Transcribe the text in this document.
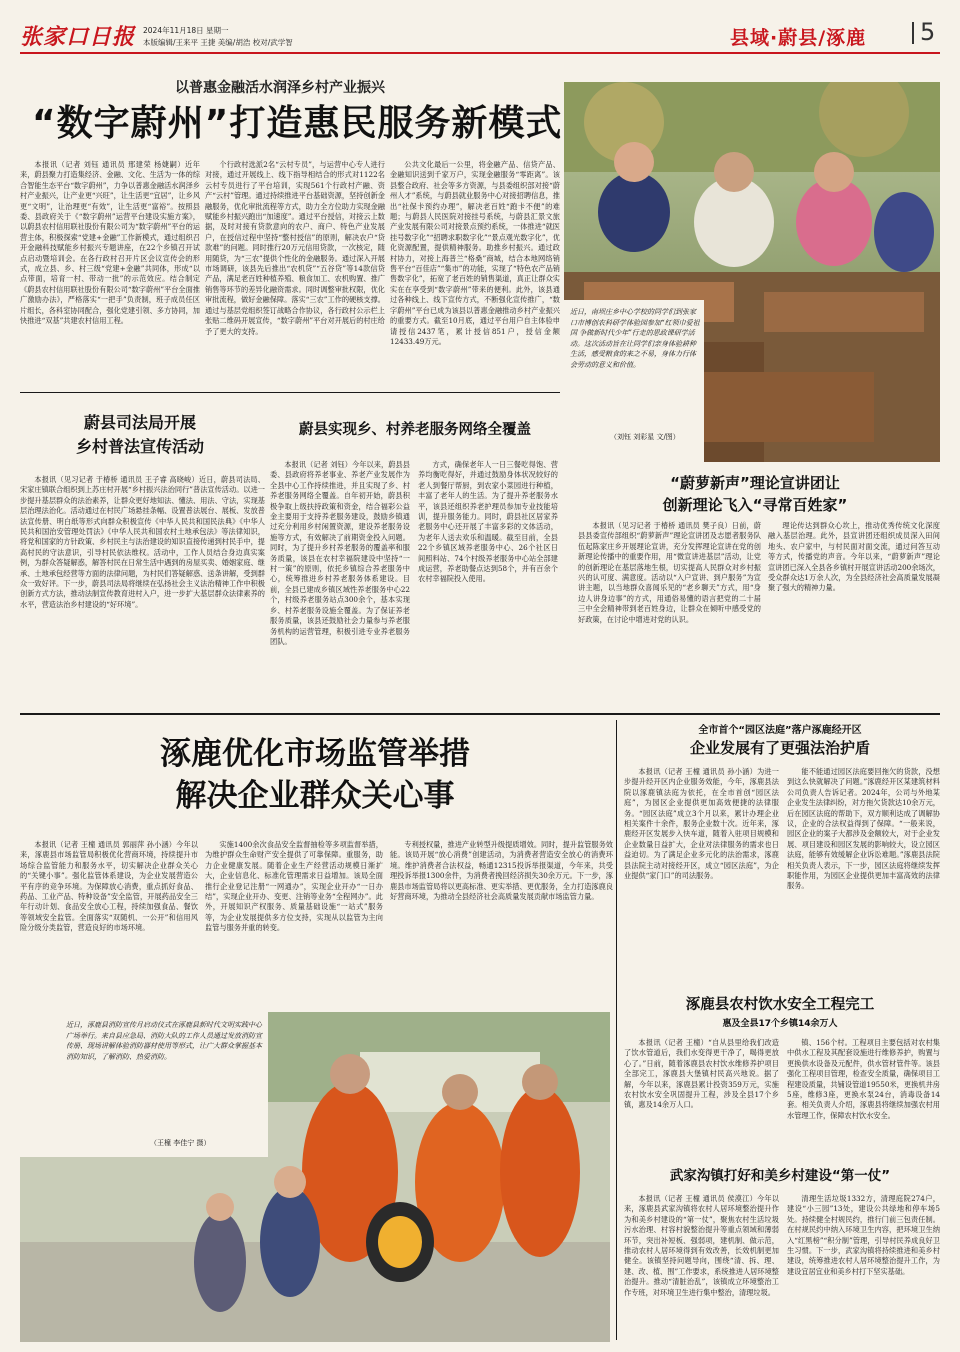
张家口日报 2024年11月18日 星期一
本版编辑/王来平 王捷 美编/胡浩 校对/武学智	县域·蔚县/涿鹿 5
以普惠金融活水润泽乡村产业振兴
“数字蔚州”打造惠民服务新模式

本报讯（记者 刘钰 通讯员 邢建荣 杨婕嗣）近年来，蔚县聚力打造集经济、金融、文化、生活为一体的综合智能生态平台“数字蔚州”，力争以普惠金融活水润泽乡村产业振兴，让产业更“兴旺”，让生活更“宜居”，让乡风更“文明”，让治理更“有效”，让生活更“富裕”。按照县委、县政府关于《“数字蔚州”运营平台建设实施方案》，以蔚县农村信用联社股份有限公司为“数字蔚州”平台的运营主体，积极探索“党建+金融”工作新模式，通过组织召开金融科技赋能乡村振兴专题讲座，在22个乡镇召开试点启动暨培训会。在各行政村召开片区会议宣传会的形式，成立县、乡、村三级“党建+金融”共同体，形成“以点带面，培育一村、带动一批”的示范效应。结合制定《蔚县农村信用联社股份有限公司“数字蔚州”平台全面推广激励办法》，严格落实“一把手”负责制，班子成员任区片组长，各科室协同配合，强化党建引领、多方协同，加快推进“双基”共建农村信用工程。

个行政村选派2名“云村专员”，与运营中心专人进行对接，通过开展线上、线下指导相结合的形式对1122名云村专员进行了平台培训，实现561个行政村产融、资产“云村”管理。通过持续推进平台基础资源，坚持创新金融服务，优化审批流程等方式，助力全方位助力实现金融赋能乡村振兴跑出“加速度”。通过平台授信，对接云上数据，及时对接有贷款意向的农户、商户、特色产业发展户，在授信过程中坚持“整村授信”的原则，解决农户“贷款难”的问题。同时推行20万元信用贷款，一次核定，随用随贷，为“三农”提供个性化的金融服务。通过深入开展市场调研，该县先后推出“农机贷”“五谷贷”等14款信贷产品，满足老百姓种植养殖、粮食加工、农机购置、推广销售等环节的差异化融资需求。同时调整审批权限，优化审批流程，做好金融保障。落实“三农”工作的硬核支撑。通过与基层党组织签订战略合作协议，各行政村公示栏上张贴二维码开展宣传，“数字蔚州”平台对开展后的村庄给予了更大的支持。

公共文化最后一公里，将金融产品、信贷产品、金融知识送到千家万户，实现金融服务“零距离”。该县整合政府、社会等多方资源，与县委组织部对接“蔚州人才”系统，与蔚县就业服务中心对接招聘信息，推出“社保卡预约办理”，解决老百姓“跑卡不便”的难题；与蔚县人民医院对接挂号系统，与蔚县汇景文旅产业发展有限公司对接景点预约系统，一体推进“就医挂号数字化”“招聘求职数字化”“景点观光数字化”，优化资源配置，提供精神服务。助推乡村振兴。通过政村协力，对接上海普兰“格桑”商城，结合本地网络销售平台“百佳店”“集市”的功能，实现了“特色农产品销售数字化”，拓宽了老百姓的销售渠道，真正让群众实实在在享受到“数字蔚州”带来的便利。此外，该县通过各种线上、线下宣传方式，不断强化宣传推广，“数字蔚州”平台已成为该县以普惠金融推动乡村产业振兴的重要方式。截至10月底，通过平台用户自主体验申请授信2437笔，累计授信851户，授信金额12433.49万元。

近日，南坝庄乡中心学校的同学们到张家口市博创农科研学体验园参加“红领巾爱祖国 争做新时代少年”行走的思政课研学活动。这次活动旨在让同学们亲身体验耕种生活，感受粮食的来之不易，身体力行体会劳动的意义和价值。
（刘钰 刘彩星 文/图）
蔚县司法局开展
乡村普法宣传活动

本报讯（见习记者 于椿桥 通讯员 王子睿 高晓峻）近日，蔚县司法局、宋家庄镇联合组织到上苏庄村开展“乡村振兴法治同行”普法宣传活动。以进一步提升基层群众的法治素养，让群众更好地知法、懂法、用法、守法，实现基层治理法治化。活动通过在村民广场悬挂条幅、设置普法展台、展板、发放普法宣传册、明白纸等形式向群众积极宣传《中华人民共和国民法典》《中华人民共和国治安管理处罚法》《中华人民共和国农村土地承包法》等法律知识，将党和国家的方针政策、乡村民主与法治建设的知识直接传递到村民手中，提高村民的守法意识，引导村民依法维权。活动中，工作人员结合身边真实案例，为群众答疑解惑，解答村民在日常生活中遇到的房屋买卖、婚姻家庭、继承、土地承包经营等方面的法律问题，为村民们答疑解惑、送条讲解，受到群众一致好评。下一步，蔚县司法局将继续在弘扬社会主义法治精神工作中积极创新方式方法，推动法制宣传教育进村入户，进一步扩大基层群众法律素养的水平，营造法治乡村建设的“好环境”。

蔚县实现乡、村养老服务网络全覆盖

本报讯（记者 刘钰）今年以来，蔚县县委、县政府将养老事业、养老产业发展作为全县中心工作持续推进，并且实现了乡、村养老服务网络全覆盖。自年初开始，蔚县积极争取上级扶持政策和资金，结合福彩公益金主要用于支持养老服务建设，鼓励乡镇通过充分利用乡村闲置资源，建设养老服务设施等方式，有效解决了前期资金投入问题。同时，为了提升乡村养老服务的覆盖率和服务质量，该县在农村幸福院建设中坚持“一村一策”的原则，依托乡镇综合养老服务中心，统筹推进乡村养老服务体系建设。目前，全县已建成乡镇区域性养老服务中心22个，村级养老服务站点300余个，基本实现乡、村养老服务设施全覆盖。为了保证养老服务质量，该县还鼓励社会力量参与养老服务机构的运营管理，积极引进专业养老服务团队。

方式，确保老年人一日三餐吃得饱、营养均衡吃得好，并通过鼓励身体状况较好的老人到餐厅帮厨，到农家小菜园进行种植，丰富了老年人的生活。为了提升养老服务水平，该县还组织养老护理员参加专业技能培训，提升服务能力。同时，蔚县社区居家养老服务中心还开展了丰富多彩的文体活动，为老年人送去欢乐和温暖。截至目前，全县22个乡镇区域养老服务中心、26个社区日间照料站、74个村级养老服务中心站全部建成运营，养老助餐点达到58个，并有百余个农村幸福院投入使用。

“蔚萝新声”理论宣讲团让
创新理论飞入“寻常百姓家”

本报讯（见习记者 于椿桥 通讯员 樊子良）日前，蔚县县委宣传部组织“蔚萝新声”理论宣讲团及志愿者服务队伍起陈家庄乡开展理论宣讲，充分发挥理论宣讲在党的创新理论传播中的重要作用，用“微宣讲进基层”活动，让党的创新理论在基层落地生根，切实提高人民群众对乡村振兴的认可度、满意度。活动以“入户宣讲、到户服务”为宣讲主题，以当地群众喜闻乐见的“老乡聊天”方式，用“身边人讲身边事”的方式，用通俗易懂的语言把党的二十届三中全会精神带到老百姓身边，让群众在倾听中感受党的好政策，在讨论中增进对党的认识。

理论传达到群众心坎上，推动优秀传统文化深度融入基层治理。此外，县宣讲团还组织成员深入田间地头、农户家中，与村民面对面交流，通过问答互动等方式，传播党的声音。今年以来，“蔚萝新声”理论宣讲团已深入全县各乡镇村开展宣讲活动200余场次，受众群众达1万余人次，为全县经济社会高质量发展凝聚了强大的精神力量。

涿鹿优化市场监管举措
解决企业群众关心事

本报讯（记者 王橦 通讯员 郭丽萍 孙小涵）今年以来，涿鹿县市场监管局积极优化营商环境，持续提升市场综合监管能力和服务水平，切实解决企业群众关心的“关键小事”。强化监管体系建设，为企业发展营造公平有序的竞争环境。为保障放心消费，重点抓好食品、药品、工业产品、特种设备”安全监管，开展药品安全三年行动计划、食品安全放心工程，持续加强食品、餐饮等领域安全监管。全面落实“双随机、一公开”和信用风险分级分类监管，营造良好的市场环境。

实施1400余次食品安全监督抽检等多项监督举措，为维护群众生命财产安全提供了可靠保障。重服务，助力企业健康发展。随着企业生产经营活动规模日渐扩大，企业信息化、标准化管理需求日益增加。该局全面推行企业登记注册“一网通办”，实现企业开办“一日办结”，实现企业开办、变更、注销等业务“全程网办”。此外，开展知识产权服务、质量基础设施“一站式”服务等，为企业发展提供多方位支持，实现从以监管为主向监管与服务并重的转变。

专利授权量，推进产业转型升级提质增效。同时，提升监管服务效能。该局开展“放心消费”创建活动，为消费者营造安全放心的消费环境。维护消费者合法权益，畅通12315投诉举报渠道，今年来，共受理投诉举报1300余件，为消费者挽回经济损失30余万元。下一步，涿鹿县市场监管局将以更高标准、更实举措、更优服务，全力打造涿鹿良好营商环境，为推动全县经济社会高质量发展贡献市场监管力量。

近日，涿鹿县消防宣传月启动仪式在涿鹿县新时代文明实践中心广场举行。来自县应急局、消防大队的工作人员通过发放消防宣传册、现场讲解体验消防器材使用等形式，让广大群众掌握基本消防知识，了解消防、热爱消防。
（王橦 李佳宁 摄）
全市首个“园区法庭”落户涿鹿经开区
企业发展有了更强法治护盾

本报讯（记者 王橦 通讯员 孙小涵）为进一步提升经开区内企业服务效能，今年，涿鹿县法院以涿鹿镇法庭为依托，在全市首创“园区法庭”，为园区企业提供更加高效便捷的法律服务。“园区法庭”成立3个月以来，累计办理企业相关案件十余件，服务企业数十次。近年来，涿鹿经开区发展步入快车道，随着入驻项目规模和企业数量日益扩大，企业对法律服务的需求也日益迫切。为了满足企业多元化的法治需求，涿鹿县法院主动对接经开区，成立“园区法庭”，为企业提供“家门口”的司法服务。

能不能通过园区法庭要回拖欠的货款，没想到这么快就解决了问题。”涿鹿经开区某建筑材料公司负责人告诉记者。2024年，公司与外地某企业发生法律纠纷，对方拖欠货款达10余万元，后在园区法庭的帮助下，双方顺利达成了调解协议，企业的合法权益得到了保障。“一般来说，园区企业的案子大都涉及金额较大，对于企业发展、项目建设和园区发展的影响较大，设立园区法庭，能够有效缓解企业诉讼难题。”涿鹿县法院相关负责人表示，下一步，园区法庭将继续发挥职能作用，为园区企业提供更加丰富高效的法律服务。

涿鹿县农村饮水安全工程完工
惠及全县17个乡镇14余万人

本报讯（记者 王橦）“自从县里给我们改造了饮水管道后，我们水变得更干净了，喝得更放心了。”日前，随着涿鹿县农村饮水维修养护项目全部完工，涿鹿县大堡镇村民高兴地说。据了解，今年以来，涿鹿县累计投资359万元，实施农村饮水安全巩固提升工程，涉及全县17个乡镇，惠及14余万人口。

镇、156个村。工程项目主要包括对农村集中供水工程及其配套设施进行维修养护，购置与更换供水设备及元配件，供水管材管件等。该县强化工程项目管理，检查安全质量，确保项目工程建设质量，共铺设管道19550米，更换机井房5座，维修3座，更换水泵24台，消毒设备14套。相关负责人介绍，涿鹿县将继续加强农村用水管理工作，保障农村饮水安全。

武家沟镇打好和美乡村建设“第一仗”

本报讯（记者 王橦 通讯员 侯漠江）今年以来，涿鹿县武家沟镇将农村人居环境整治提升作为和美乡村建设的“第一仗”，聚焦农村生活垃圾污水治理、村容村貌整治提升等重点领域和薄弱环节，突出补短板、强弱项，建机制、做示范，推动农村人居环境得到有效改善，长效机制更加健全。该镇坚持问题导向，围绕“清、拆、理、建、改、植、围”工作要求，系统推进人居环境整治提升。推动“清脏治乱”，该镇成立环境整治工作专班，对环境卫生进行集中整治，清理垃圾。

清理生活垃圾1332方，清理庭院274户，建设“小三园”13处，建设公共绿地和停车场5处。持续健全村规民约，推行门前三包责任制。在村规民约中纳入环境卫生内容，把环境卫生纳入“红黑榜”“积分制”管理，引导村民养成良好卫生习惯。下一步，武家沟镇将持续推进和美乡村建设，统筹推进农村人居环境整治提升工作，为建设宜居宜业和美乡村打下坚实基础。
